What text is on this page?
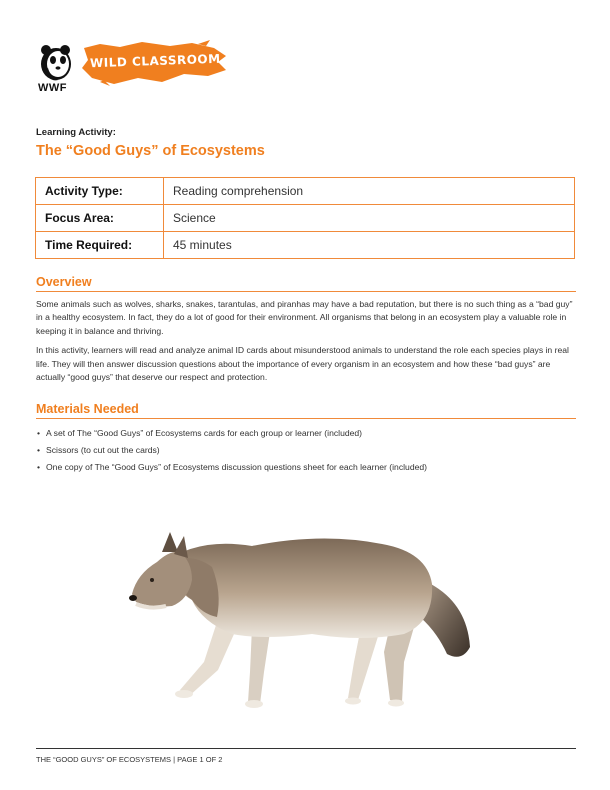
WWF
WILD CLASSROOM
Learning Activity:
The “Good Guys” of Ecosystems
Activity Type:	Reading comprehension
Focus Area:	Science
Time Required:	45 minutes
Overview

Some animals such as wolves, sharks, snakes, tarantulas, and piranhas may have a bad reputation, but there is no such thing as a “bad guy” in a healthy ecosystem. In fact, they do a lot of good for their environment. All organisms that belong in an ecosystem play a valuable role in keeping it in balance and thriving.

In this activity, learners will read and analyze animal ID cards about misunderstood animals to understand the role each species plays in real life. They will then answer discussion questions about the importance of every organism in an ecosystem and how these “bad guys” are actually “good guys” that deserve our respect and protection.

Materials Needed
• A set of The “Good Guys” of Ecosystems cards for each group or learner (included)
• Scissors (to cut out the cards)
• One copy of The “Good Guys” of Ecosystems discussion questions sheet for each learner (included)
THE “GOOD GUYS” OF ECOSYSTEMS | PAGE 1 OF 2
